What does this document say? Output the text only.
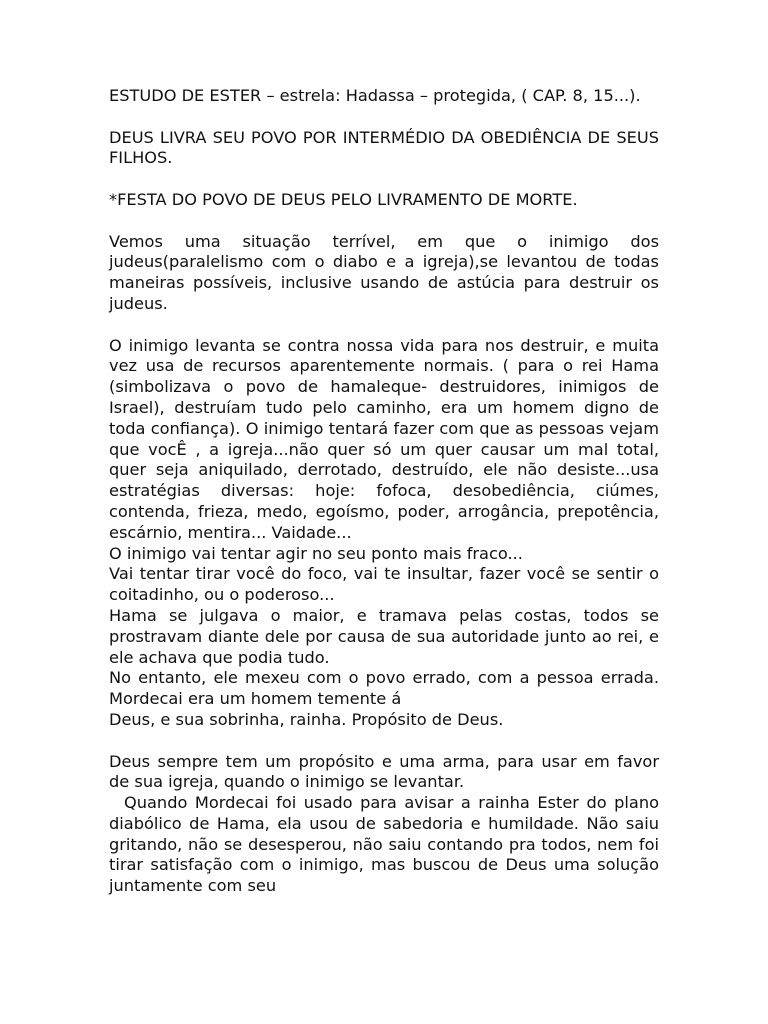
ESTUDO DE ESTER – estrela: Hadassa – protegida, ( CAP. 8, 15...).

DEUS LIVRA SEU POVO POR INTERMÉDIO DA OBEDIÊNCIA DE SEUS FILHOS.

*FESTA DO POVO DE DEUS PELO LIVRAMENTO DE MORTE.

Vemos uma situação terrível, em que o inimigo dos judeus(paralelismo com o diabo e a igreja),se levantou de todas maneiras possíveis, inclusive usando de astúcia para destruir os judeus.

O inimigo levanta se contra nossa vida para nos destruir, e muita vez usa de recursos aparentemente normais. ( para o rei Hama (simbolizava o povo de hamaleque- destruidores, inimigos de Israel), destruíam tudo pelo caminho, era um homem digno de toda confiança). O inimigo tentará fazer com que as pessoas vejam que vocÊ , a igreja...não quer só um quer causar um mal total, quer seja aniquilado, derrotado, destruído, ele não desiste...usa estratégias diversas: hoje: fofoca, desobediência, ciúmes, contenda, frieza, medo, egoísmo, poder, arrogância, prepotência, escárnio, mentira... Vaidade...

O inimigo vai tentar agir no seu ponto mais fraco...

Vai tentar tirar você do foco, vai te insultar, fazer você se sentir o coitadinho, ou o poderoso...

Hama se julgava o maior, e tramava pelas costas, todos se prostravam diante dele por causa de sua autoridade junto ao rei, e ele achava que podia tudo.

No entanto, ele mexeu com o povo errado, com a pessoa errada. Mordecai era um homem temente á

Deus, e sua sobrinha, rainha. Propósito de Deus.

Deus sempre tem um propósito e uma arma, para usar em favor de sua igreja, quando o inimigo se levantar.

Quando Mordecai foi usado para avisar a rainha Ester do plano diabólico de Hama, ela usou de sabedoria e humildade. Não saiu gritando, não se desesperou, não saiu contando pra todos, nem foi tirar satisfação com o inimigo, mas buscou de Deus uma solução juntamente com seu
